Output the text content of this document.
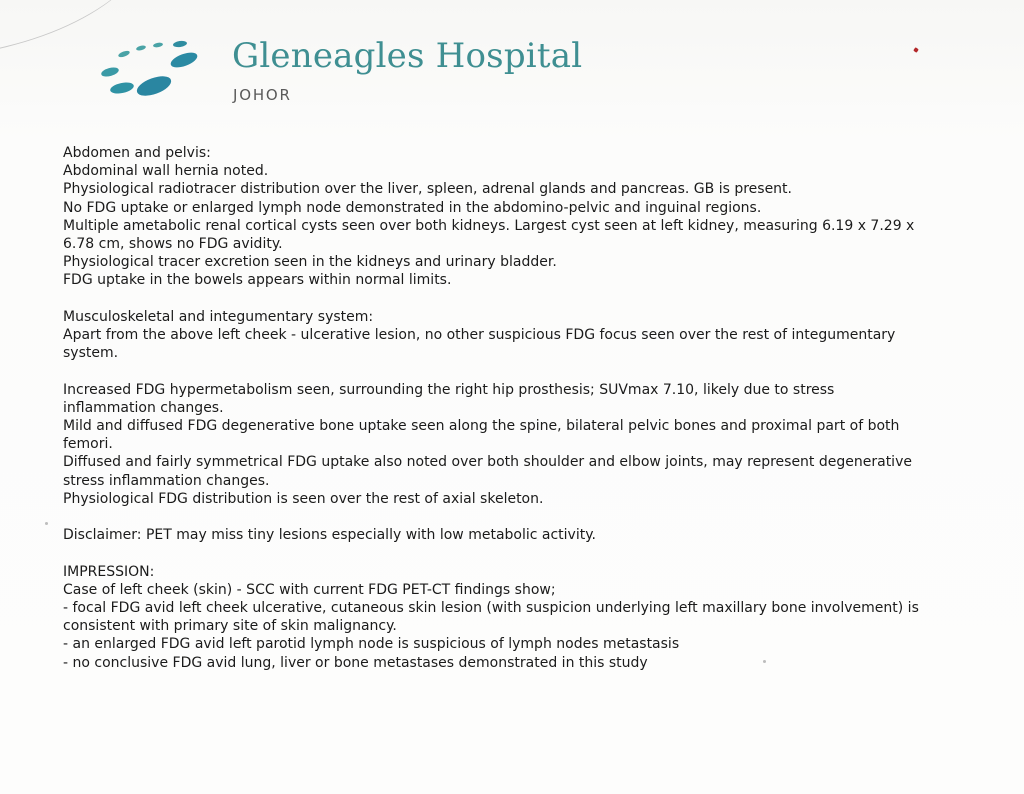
Gleneagles Hospital
JOHOR
Abdomen and pelvis:
Abdominal wall hernia noted.
Physiological radiotracer distribution over the liver, spleen, adrenal glands and pancreas. GB is present.
No FDG uptake or enlarged lymph node demonstrated in the abdomino-pelvic and inguinal regions.
Multiple ametabolic renal cortical cysts seen over both kidneys. Largest cyst seen at left kidney, measuring 6.19 x 7.29 x
6.78 cm, shows no FDG avidity.
Physiological tracer excretion seen in the kidneys and urinary bladder.
FDG uptake in the bowels appears within normal limits.
Musculoskeletal and integumentary system:
Apart from the above left cheek - ulcerative lesion, no other suspicious FDG focus seen over the rest of integumentary
system.
Increased FDG hypermetabolism seen, surrounding the right hip prosthesis; SUVmax 7.10, likely due to stress
inflammation changes.
Mild and diffused FDG degenerative bone uptake seen along the spine, bilateral pelvic bones and proximal part of both
femori.
Diffused and fairly symmetrical FDG uptake also noted over both shoulder and elbow joints, may represent degenerative
stress inflammation changes.
Physiological FDG distribution is seen over the rest of axial skeleton.
Disclaimer: PET may miss tiny lesions especially with low metabolic activity.
IMPRESSION:
Case of left cheek (skin) - SCC with current FDG PET-CT findings show;
- focal FDG avid left cheek ulcerative, cutaneous skin lesion (with suspicion underlying left maxillary bone involvement) is
consistent with primary site of skin malignancy.
- an enlarged FDG avid left parotid lymph node is suspicious of lymph nodes metastasis
- no conclusive FDG avid lung, liver or bone metastases demonstrated in this study
